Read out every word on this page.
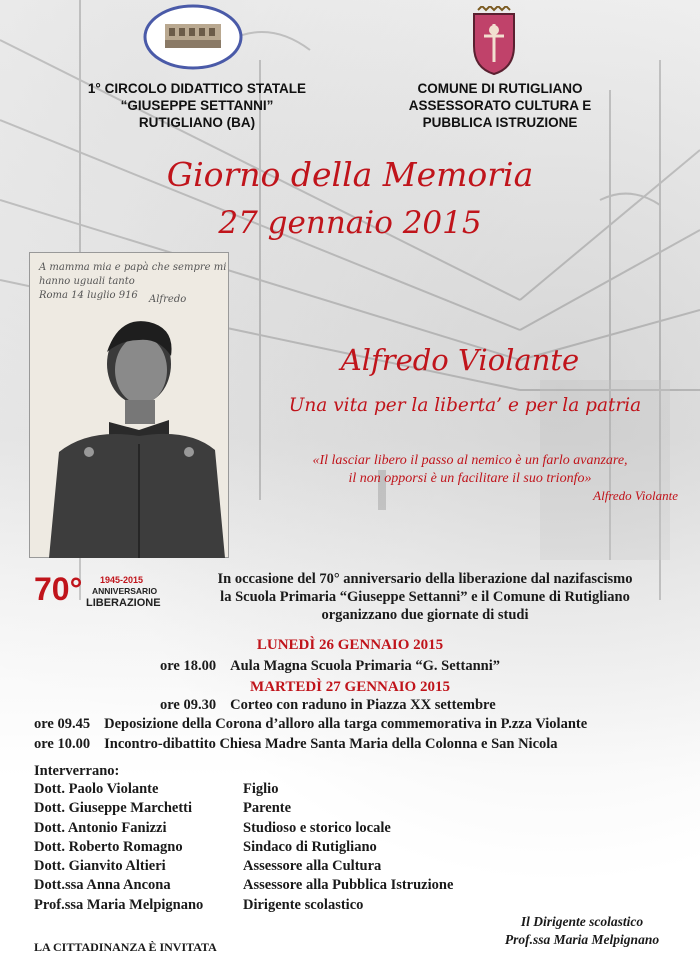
1° CIRCOLO DIDATTICO STATALE
“GIUSEPPE SETTANNI”
RUTIGLIANO (BA)
COMUNE DI RUTIGLIANO
ASSESSORATO CULTURA E
PUBBLICA ISTRUZIONE
Giorno della Memoria
27 gennaio 2015
A mamma mia e papà che sempre mi
hanno uguali tanto
Roma 14 luglio 916 Alfredo
Alfredo Violante
Una vita per la liberta’ e per la patria
«Il lasciar libero il passo al nemico è un farlo avanzare,
il non opporsi è un facilitare il suo trionfo»
Alfredo Violante
70° 1945-2015
ANNIVERSARIO
LIBERAZIONE
In occasione del 70° anniversario della liberazione dal nazifascismo
la Scuola Primaria “Giuseppe Settanni” e il Comune di Rutigliano
organizzano due giornate di studi
LUNEDÌ 26 GENNAIO 2015
ore 18.00 Aula Magna Scuola Primaria “G. Settanni”
MARTEDÌ 27 GENNAIO 2015
ore 09.30 Corteo con raduno in Piazza XX settembre
ore 09.45 Deposizione della Corona d’alloro alla targa commemorativa in P.zza Violante
ore 10.00 Incontro-dibattito Chiesa Madre Santa Maria della Colonna e San Nicola
Interverrano:
Dott. Paolo Violante	Figlio
Dott. Giuseppe Marchetti	Parente
Dott. Antonio Fanizzi	Studioso e storico locale
Dott. Roberto Romagno	Sindaco di Rutigliano
Dott. Gianvito Altieri	Assessore alla Cultura
Dott.ssa Anna Ancona	Assessore alla Pubblica Istruzione
Prof.ssa Maria Melpignano	Dirigente scolastico
Il Dirigente scolastico
Prof.ssa Maria Melpignano
LA CITTADINANZA È INVITATA
